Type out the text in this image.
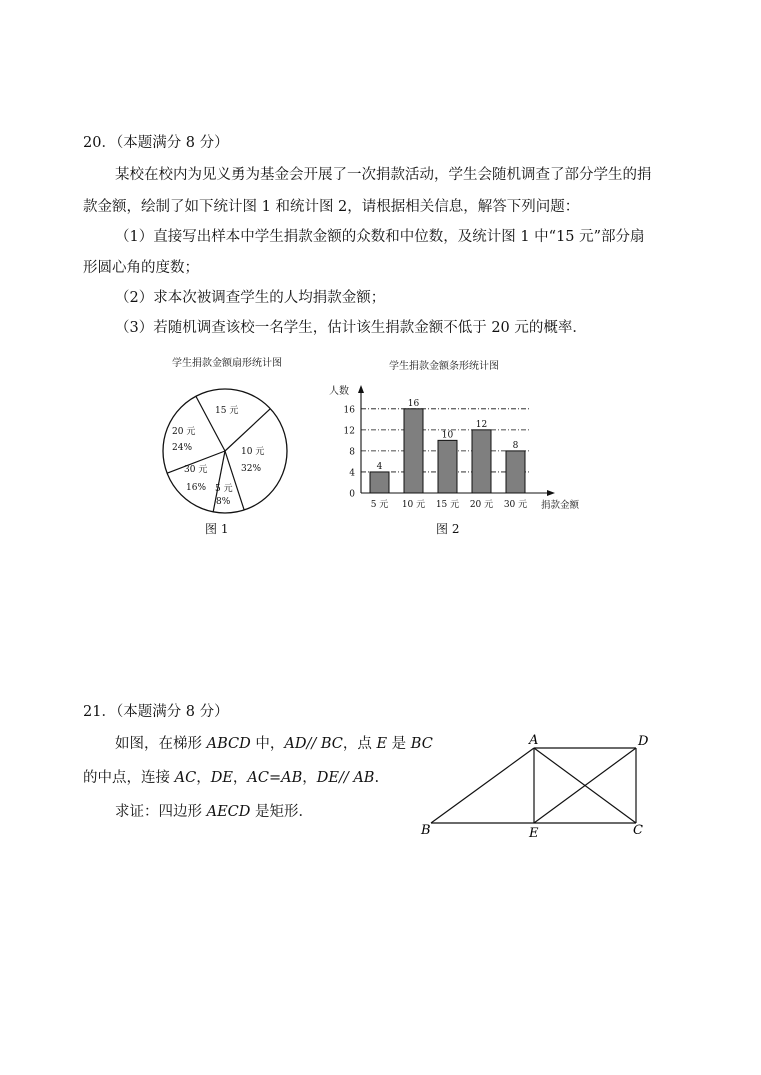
20．（本题满分 8 分）
某校在校内为见义勇为基金会开展了一次捐款活动，学生会随机调查了部分学生的捐
款金额，绘制了如下统计图 1 和统计图 2，请根据相关信息，解答下列问题：
（1）直接写出样本中学生捐款金额的众数和中位数，及统计图 1 中“15 元”部分扇
形圆心角的度数；
（2）求本次被调查学生的人均捐款金额；
（3）若随机调查该校一名学生，估计该生捐款金额不低于 20 元的概率．
学生捐款金额扇形统计图	学生捐款金额条形统计图
15 元
10 元
32%
5 元
8%
30 元
16%
20 元
24%
人数
捐款金额
0
4
8
12
16
4
5 元
16
10 元
10
15 元
12
20 元
8
30 元
图 1	图 2
21．（本题满分 8 分）
如图，在梯形 ABCD 中，AD// BC，点 E 是 BC
的中点，连接 AC，DE，AC=AB，DE// AB.
求证：四边形 AECD 是矩形．
A	D
B	E	C
